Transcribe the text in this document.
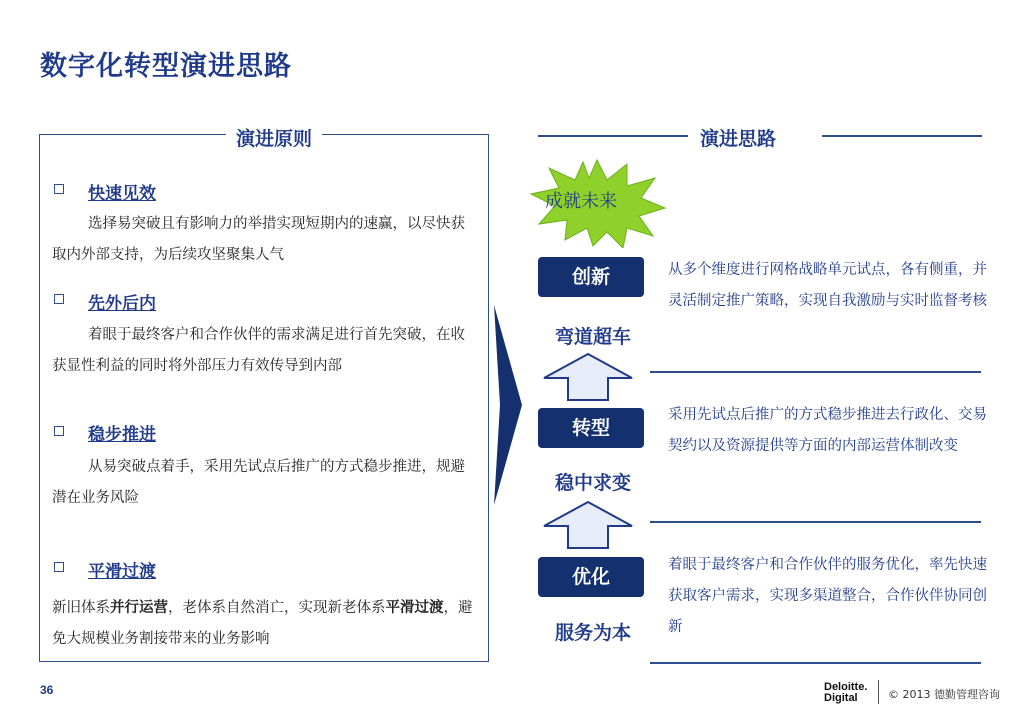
数字化转型演进思路
演进原则
快速见效
选择易突破且有影响力的举措实现短期内的速赢，以尽快获取内外部支持，为后续攻坚聚集人气
先外后内
着眼于最终客户和合作伙伴的需求满足进行首先突破，在收获显性利益的同时将外部压力有效传导到内部
稳步推进
从易突破点着手，采用先试点后推广的方式稳步推进，规避潜在业务风险
平滑过渡
新旧体系并行运营，老体系自然消亡，实现新老体系平滑过渡，避免大规模业务割接带来的业务影响
演进思路
成就未来
创新
弯道超车
从多个维度进行网格战略单元试点，各有侧重，并灵活制定推广策略，实现自我激励与实时监督考核
转型
稳中求变
采用先试点后推广的方式稳步推进去行政化、交易契约以及资源提供等方面的内部运营体制改变
优化
服务为本
着眼于最终客户和合作伙伴的服务优化，率先快速获取客户需求，实现多渠道整合，合作伙伴协同创新
36	Deloitte.
Digital	© 2013 德勤管理咨询
